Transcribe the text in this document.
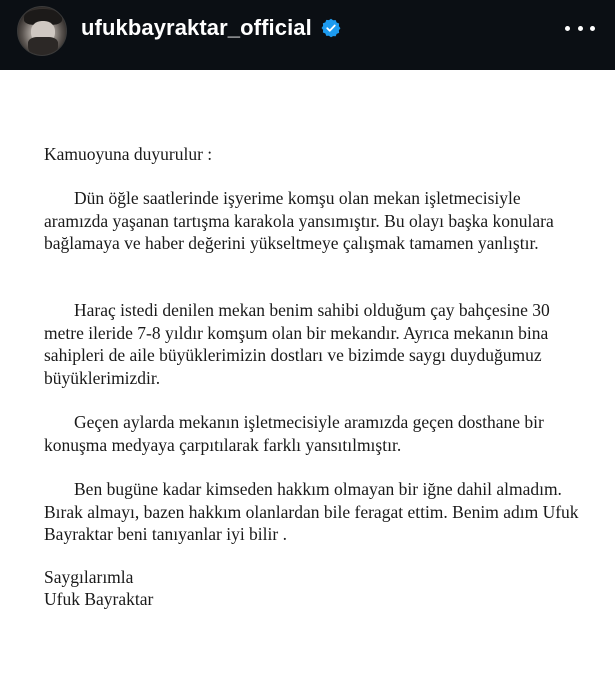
ufukbayraktar_official

Kamuoyuna duyurulur :

Dün öğle saatlerinde işyerime komşu olan mekan işletmecisiyle aramızda yaşanan tartışma karakola yansımıştır. Bu olayı başka konulara bağlamaya ve haber değerini yükseltmeye çalışmak tamamen yanlıştır.

Haraç istedi denilen mekan benim sahibi olduğum çay bahçesine 30 metre ileride 7-8 yıldır komşum olan bir mekandır. Ayrıca mekanın bina sahipleri de aile büyüklerimizin dostları ve bizimde saygı duyduğumuz büyüklerimizdir.

Geçen aylarda mekanın işletmecisiyle aramızda geçen dosthane bir konuşma medyaya çarpıtılarak farklı yansıtılmıştır.

Ben bugüne kadar kimseden hakkım olmayan bir iğne dahil almadım. Bırak almayı, bazen hakkım olanlardan bile feragat ettim. Benim adım Ufuk Bayraktar beni tanıyanlar iyi bilir .

Saygılarımla

Ufuk Bayraktar
